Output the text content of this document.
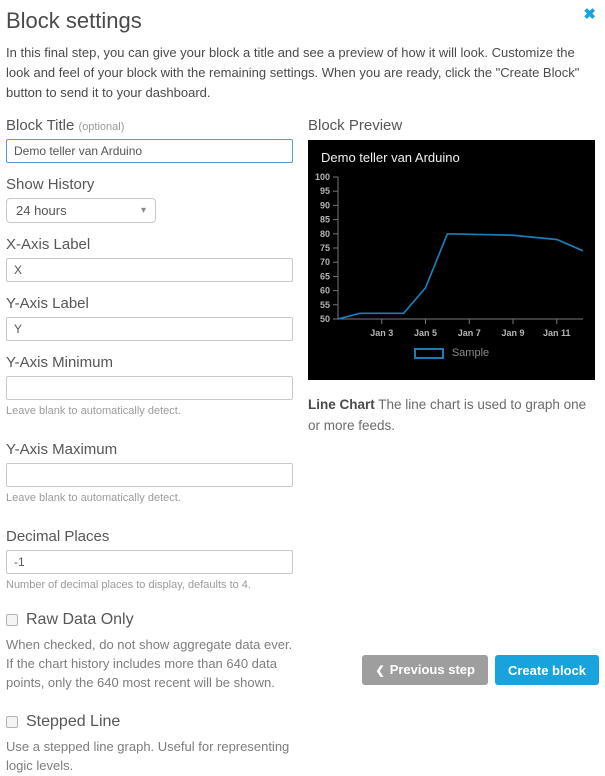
Block settings	✖

In this final step, you can give your block a title and see a preview of how it will look. Customize the look and feel of your block with the remaining settings. When you are ready, click the "Create Block" button to send it to your dashboard.

Block Title (optional)
Demo teller van Arduino
Show History
24 hours	▾
X-Axis Label
X
Y-Axis Label
Y
Y-Axis Minimum
Leave blank to automatically detect.
Y-Axis Maximum
Leave blank to automatically detect.
Decimal Places
-1
Number of decimal places to display, defaults to 4.
Raw Data Only
When checked, do not show aggregate data ever. If the chart history includes more than 640 data points, only the 640 most recent will be shown.
Stepped Line
Use a stepped line graph. Useful for representing logic levels.
Block Preview
Demo teller van Arduino
50
55
60
65
70
75
80
85
90
95
100
Jan 3 Jan 5 Jan 7 Jan 9 Jan 11
Sample

Line Chart The line chart is used to graph one or more feeds.

❮ Previous step	Create block
